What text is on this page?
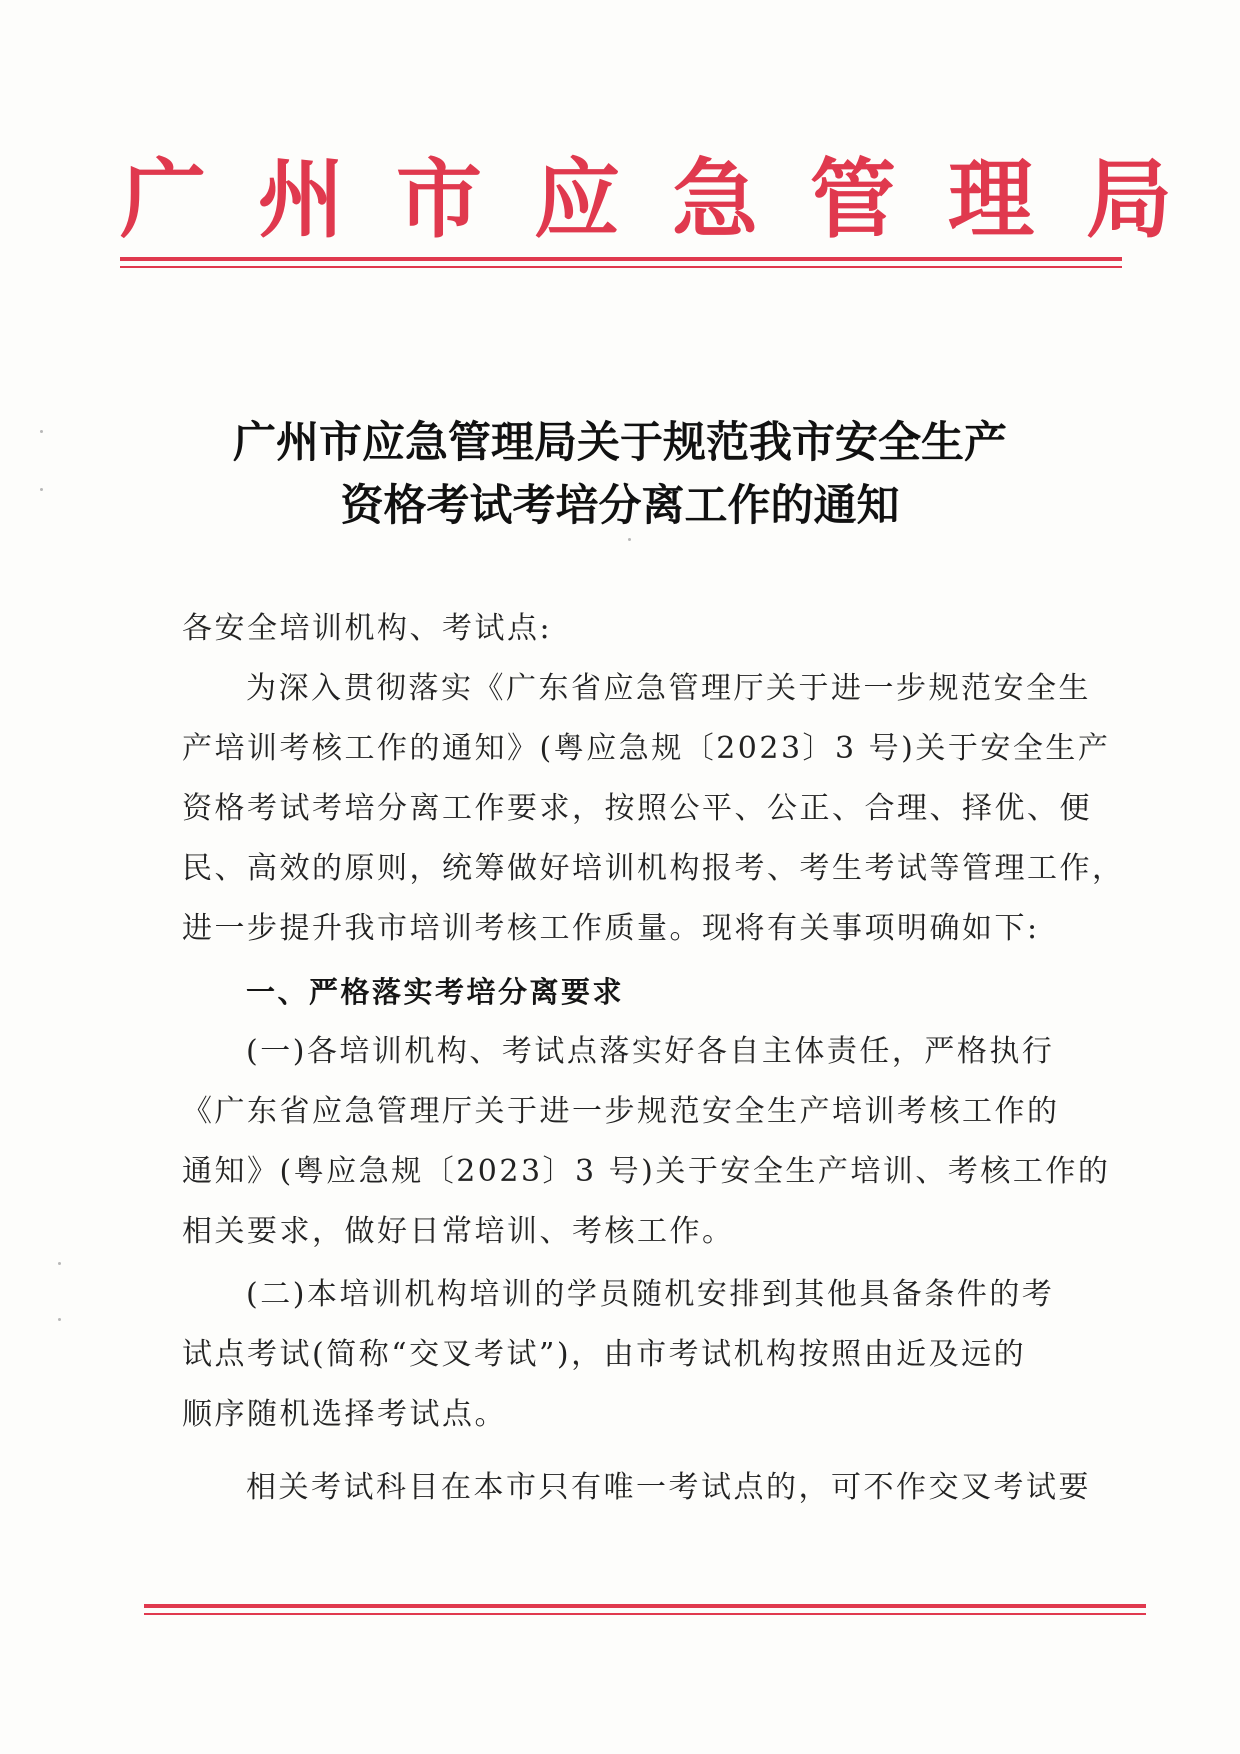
广州市应急管理局
广州市应急管理局关于规范我市安全生产
资格考试考培分离工作的通知
各安全培训机构、考试点:
为深入贯彻落实《广东省应急管理厅关于进一步规范安全生
产培训考核工作的通知》(粤应急规〔2023〕3 号)关于安全生产
资格考试考培分离工作要求，按照公平、公正、合理、择优、便
民、高效的原则，统筹做好培训机构报考、考生考试等管理工作，
进一步提升我市培训考核工作质量。现将有关事项明确如下:
一、严格落实考培分离要求
(一)各培训机构、考试点落实好各自主体责任，严格执行
《广东省应急管理厅关于进一步规范安全生产培训考核工作的
通知》(粤应急规〔2023〕3 号)关于安全生产培训、考核工作的
相关要求，做好日常培训、考核工作。
(二)本培训机构培训的学员随机安排到其他具备条件的考
试点考试(简称“交叉考试”)，由市考试机构按照由近及远的
顺序随机选择考试点。
相关考试科目在本市只有唯一考试点的，可不作交叉考试要
